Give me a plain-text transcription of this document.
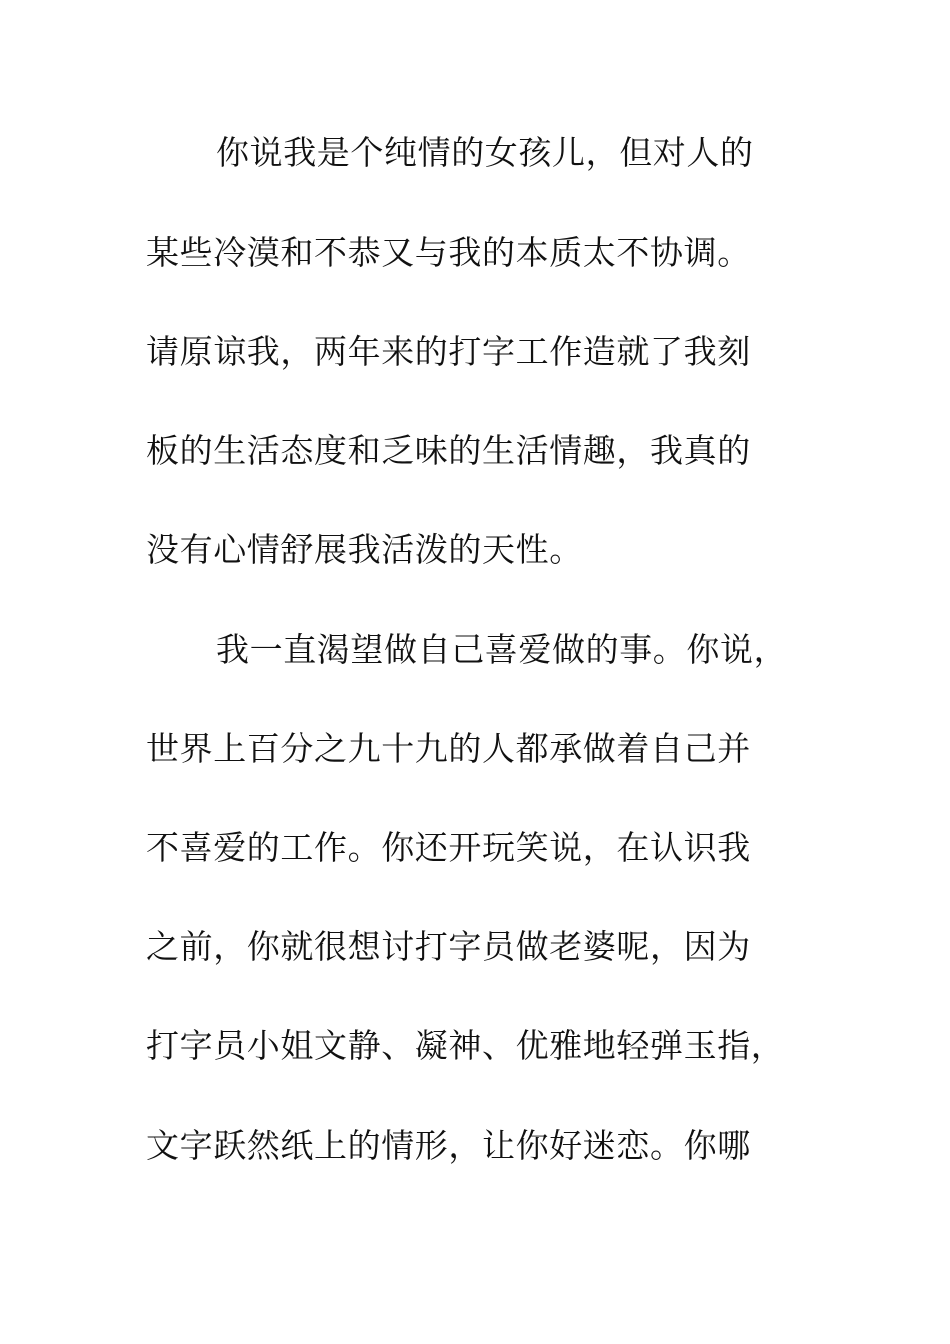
你说我是个纯情的女孩儿，但对人的
某些冷漠和不恭又与我的本质太不协调。
请原谅我，两年来的打字工作造就了我刻
板的生活态度和乏味的生活情趣，我真的
没有心情舒展我活泼的天性。
我一直渴望做自己喜爱做的事。你说，
世界上百分之九十九的人都承做着自己并
不喜爱的工作。你还开玩笑说，在认识我
之前，你就很想讨打字员做老婆呢，因为
打字员小姐文静、凝神、优雅地轻弹玉指，
文字跃然纸上的情形，让你好迷恋。你哪
